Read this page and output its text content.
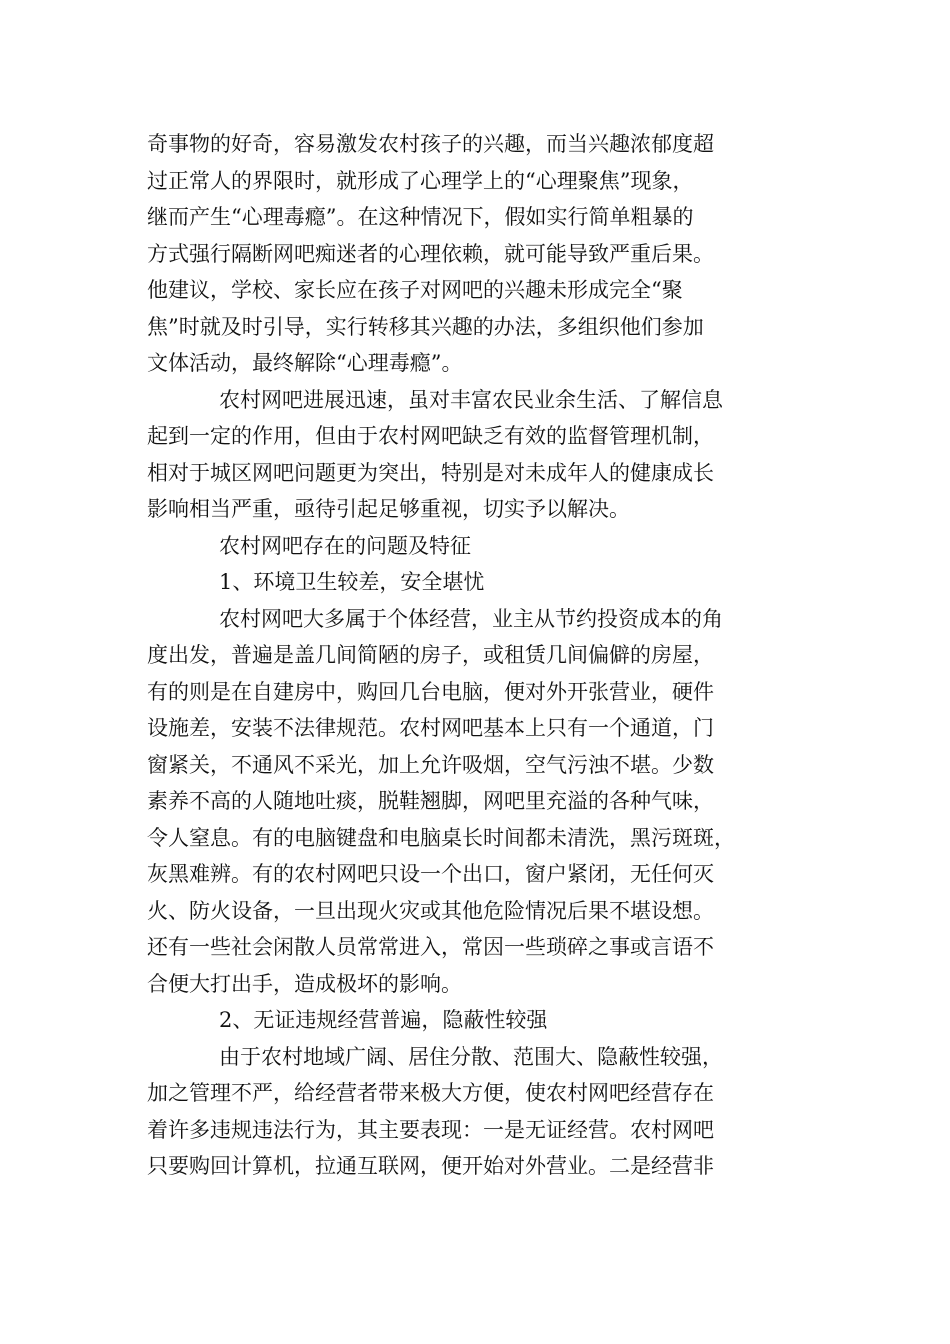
奇事物的好奇，容易激发农村孩子的兴趣，而当兴趣浓郁度超
过正常人的界限时，就形成了心理学上的“心理聚焦”现象，
继而产生“心理毒瘾”。在这种情况下，假如实行简单粗暴的
方式强行隔断网吧痴迷者的心理依赖，就可能导致严重后果。
他建议，学校、家长应在孩子对网吧的兴趣未形成完全“聚
焦”时就及时引导，实行转移其兴趣的办法，多组织他们参加
文体活动，最终解除“心理毒瘾”。
农村网吧进展迅速，虽对丰富农民业余生活、了解信息
起到一定的作用，但由于农村网吧缺乏有效的监督管理机制，
相对于城区网吧问题更为突出，特别是对未成年人的健康成长
影响相当严重，亟待引起足够重视，切实予以解决。
农村网吧存在的问题及特征
1、环境卫生较差，安全堪忧
农村网吧大多属于个体经营，业主从节约投资成本的角
度出发，普遍是盖几间简陋的房子，或租赁几间偏僻的房屋，
有的则是在自建房中，购回几台电脑，便对外开张营业，硬件
设施差，安装不法律规范。农村网吧基本上只有一个通道，门
窗紧关，不通风不采光，加上允许吸烟，空气污浊不堪。少数
素养不高的人随地吐痰，脱鞋翘脚，网吧里充溢的各种气味，
令人窒息。有的电脑键盘和电脑桌长时间都未清洗，黑污斑斑，
灰黑难辨。有的农村网吧只设一个出口，窗户紧闭，无任何灭
火、防火设备，一旦出现火灾或其他危险情况后果不堪设想。
还有一些社会闲散人员常常进入，常因一些琐碎之事或言语不
合便大打出手，造成极坏的影响。
2、无证违规经营普遍，隐蔽性较强
由于农村地域广阔、居住分散、范围大、隐蔽性较强，
加之管理不严，给经营者带来极大方便，使农村网吧经营存在
着许多违规违法行为，其主要表现：一是无证经营。农村网吧
只要购回计算机，拉通互联网，便开始对外营业。二是经营非
